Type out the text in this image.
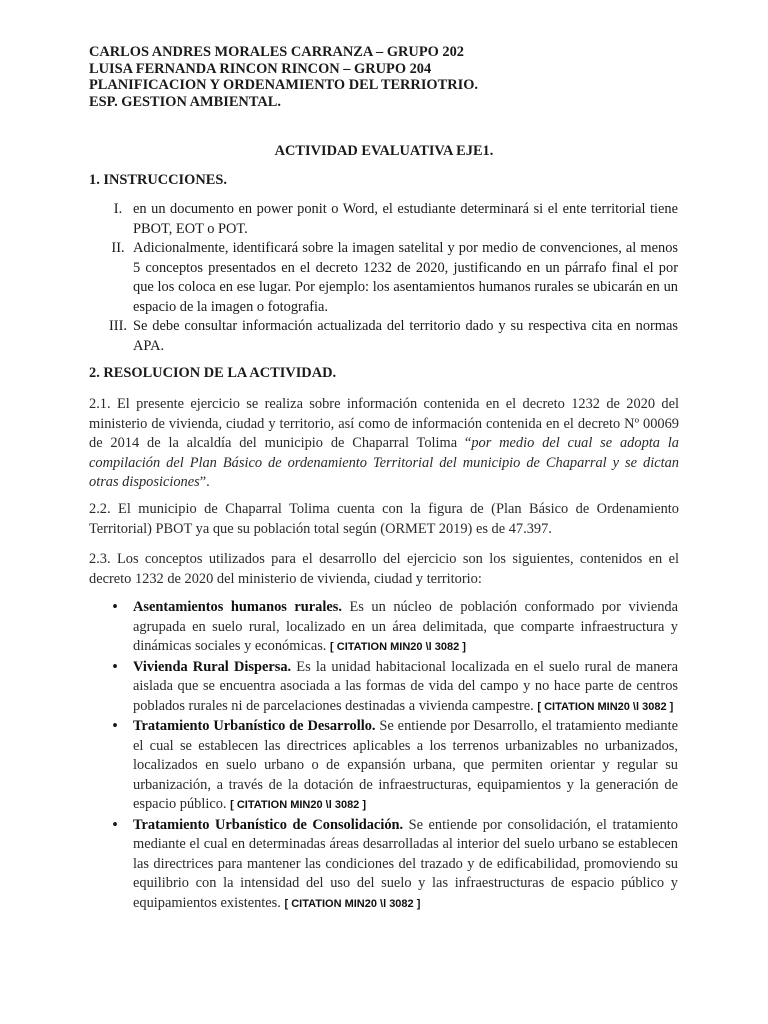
CARLOS ANDRES MORALES CARRANZA – GRUPO 202
LUISA FERNANDA RINCON RINCON – GRUPO 204
PLANIFICACION Y ORDENAMIENTO DEL TERRIOTRIO.
ESP. GESTION AMBIENTAL.
ACTIVIDAD EVALUATIVA EJE1.
1. INSTRUCCIONES.
I. en un documento en power ponit o Word, el estudiante determinará si el ente territorial tiene PBOT, EOT o POT.
II. Adicionalmente, identificará sobre la imagen satelital y por medio de convenciones, al menos 5 conceptos presentados en el decreto 1232 de 2020, justificando en un párrafo final el por que los coloca en ese lugar. Por ejemplo: los asentamientos humanos rurales se ubicarán en un espacio de la imagen o fotografia.
III. Se debe consultar información actualizada del territorio dado y su respectiva cita en normas APA.
2. RESOLUCION DE LA ACTIVIDAD.
2.1. El presente ejercicio se realiza sobre información contenida en el decreto 1232 de 2020 del ministerio de vivienda, ciudad y territorio, así como de información contenida en el decreto Nº 00069 de 2014 de la alcaldía del municipio de Chaparral Tolima “por medio del cual se adopta la compilación del Plan Básico de ordenamiento Territorial del municipio de Chaparral y se dictan otras disposiciones”.
2.2. El municipio de Chaparral Tolima cuenta con la figura de (Plan Básico de Ordenamiento Territorial) PBOT ya que su población total según (ORMET 2019) es de 47.397.
2.3. Los conceptos utilizados para el desarrollo del ejercicio son los siguientes, contenidos en el decreto 1232 de 2020 del ministerio de vivienda, ciudad y territorio:
•	Asentamientos humanos rurales. Es un núcleo de población conformado por vivienda agrupada en suelo rural, localizado en un área delimitada, que comparte infraestructura y dinámicas sociales y económicas. [ CITATION MIN20 \l 3082 ]
•	Vivienda Rural Dispersa. Es la unidad habitacional localizada en el suelo rural de manera aislada que se encuentra asociada a las formas de vida del campo y no hace parte de centros poblados rurales ni de parcelaciones destinadas a vivienda campestre. [ CITATION MIN20 \l 3082 ]
•	Tratamiento Urbanístico de Desarrollo. Se entiende por Desarrollo, el tratamiento mediante el cual se establecen las directrices aplicables a los terrenos urbanizables no urbanizados, localizados en suelo urbano o de expansión urbana, que permiten orientar y regular su urbanización, a través de la dotación de infraestructuras, equipamientos y la generación de espacio público. [ CITATION MIN20 \l 3082 ]
•	Tratamiento Urbanístico de Consolidación. Se entiende por consolidación, el tratamiento mediante el cual en determinadas áreas desarrolladas al interior del suelo urbano se establecen las directrices para mantener las condiciones del trazado y de edificabilidad, promoviendo su equilibrio con la intensidad del uso del suelo y las infraestructuras de espacio público y equipamientos existentes. [ CITATION MIN20 \l 3082 ]
